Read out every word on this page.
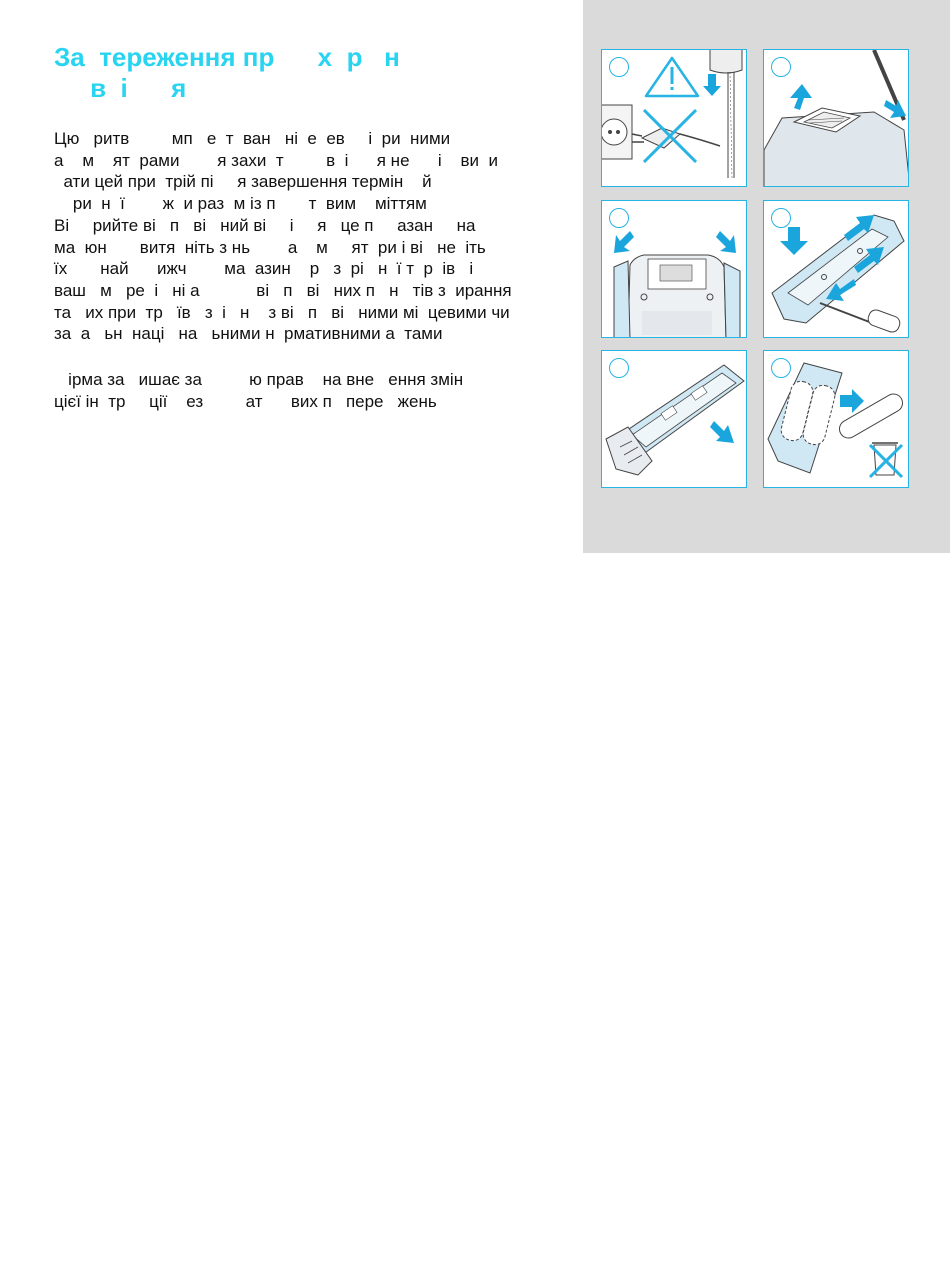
За  тереження пр      х  р   н
в  і      я
Цю   ритв         мп   е  т  ван   ні  е  ев     і  ри  ними
а    м    ят  рами        я захи  т         в  і      я не      і    ви  и
ати цей при  трій пі     я завершення термін    й
ри  н  ї        ж  и раз  м із п       т  вим    міттям
Ві     рийте ві   п   ві   ний ві     і     я   це п     азан     на
ма  юн       витя  ніть з нь        а    м     ят  ри і ві   не  іть
їх       най      ижч        ма  азин    р   з  рі   н  ї т  р  ів   і
ваш   м   ре  і   ні а            ві   п   ві   них п   н   тів з  ирання
та   их при  тр   їв   з  і   н    з ві   п   ві   ними мі  цевими чи
за  а   ьн  наці   на   ьними н  рмативними а  тами
ірма за   ишає за          ю прав    на вне   ення змін
цієї ін  тр     ції    ез         ат      вих п   пере   жень
